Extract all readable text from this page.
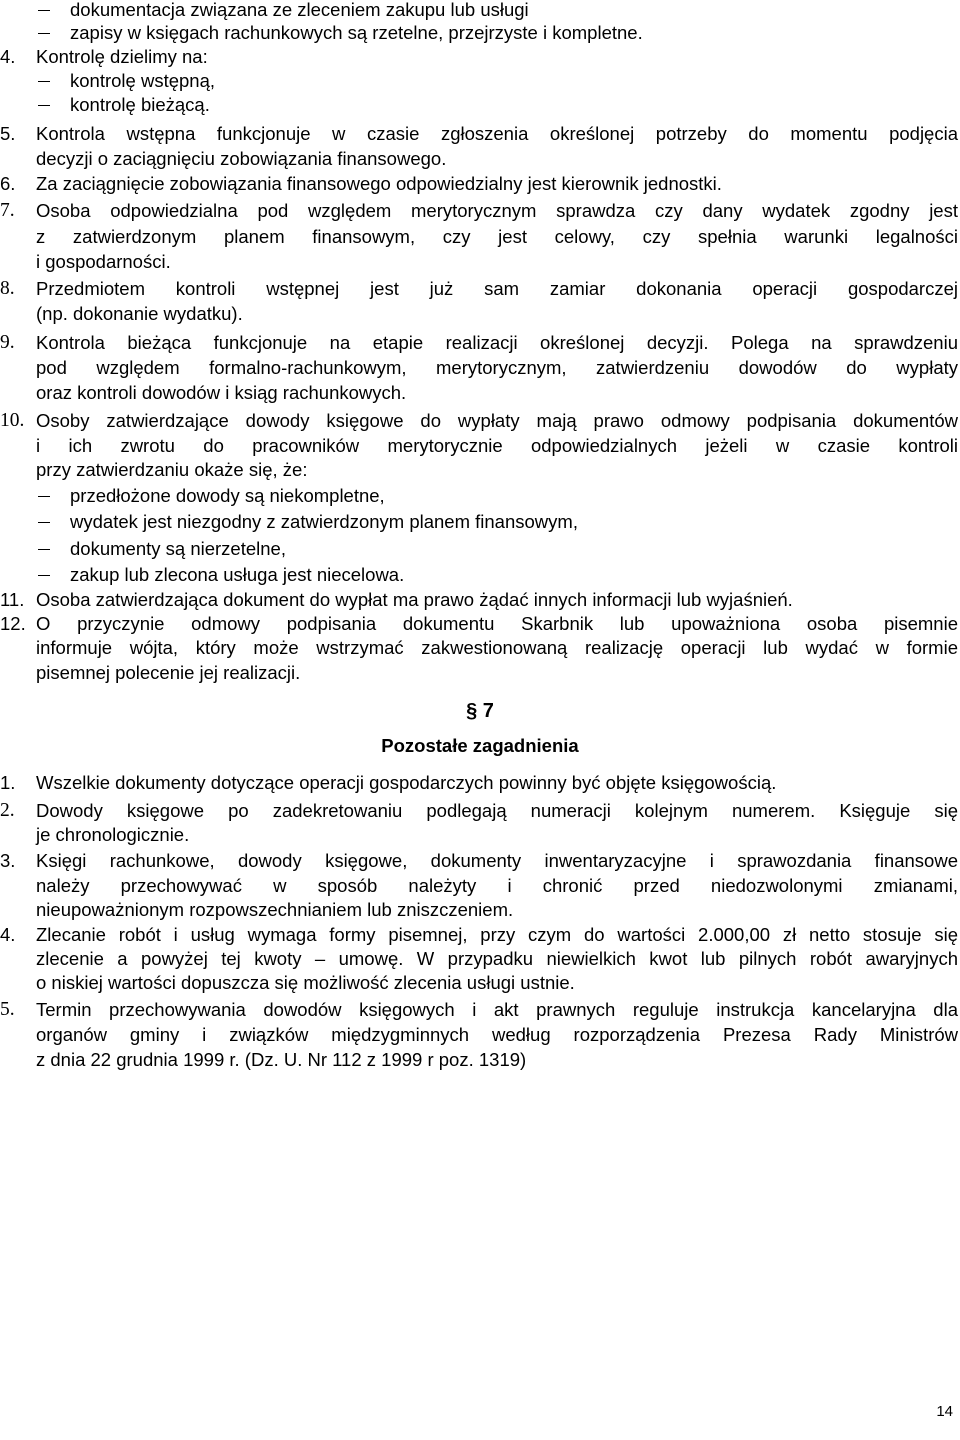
dokumentacja związana ze zleceniem zakupu lub usługi
zapisy w księgach rachunkowych są rzetelne, przejrzyste i kompletne.
4.	Kontrolę dzielimy na:
kontrolę wstępną,
kontrolę bieżącą.
5.	Kontrola wstępna funkcjonuje w czasie zgłoszenia określonej potrzeby do momentu podjęcia
decyzji o zaciągnięciu zobowiązania finansowego.
6.	Za zaciągnięcie zobowiązania finansowego odpowiedzialny jest kierownik jednostki.
7.	Osoba odpowiedzialna pod względem merytorycznym sprawdza czy dany wydatek zgodny jest
z zatwierdzonym planem finansowym, czy jest celowy, czy spełnia warunki legalności
i gospodarności.
8.	Przedmiotem kontroli wstępnej jest już sam zamiar dokonania operacji gospodarczej
(np. dokonanie wydatku).
9.	Kontrola bieżąca funkcjonuje na etapie realizacji określonej decyzji. Polega na sprawdzeniu
pod względem formalno-rachunkowym, merytorycznym, zatwierdzeniu dowodów do wypłaty
oraz kontroli dowodów i ksiąg rachunkowych.
10. Osoby zatwierdzające dowody księgowe do wypłaty mają prawo odmowy podpisania dokumentów
i ich zwrotu do pracowników merytorycznie odpowiedzialnych jeżeli w czasie kontroli
przy zatwierdzaniu okaże się, że:
przedłożone dowody są niekompletne,
wydatek jest niezgodny z zatwierdzonym planem finansowym,
dokumenty są nierzetelne,
zakup lub zlecona usługa jest niecelowa.
11. Osoba zatwierdzająca dokument do wypłat ma prawo żądać innych informacji lub wyjaśnień.
12. O przyczynie odmowy podpisania dokumentu Skarbnik lub upoważniona osoba pisemnie
informuje wójta, który może wstrzymać zakwestionowaną realizację operacji lub wydać w formie
pisemnej polecenie jej realizacji.
§ 7
Pozostałe zagadnienia
1.	Wszelkie dokumenty dotyczące operacji gospodarczych powinny być objęte księgowością.
2.	Dowody księgowe po zadekretowaniu podlegają numeracji kolejnym numerem. Księguje się
je chronologicznie.
3.	Księgi rachunkowe, dowody księgowe, dokumenty inwentaryzacyjne i sprawozdania finansowe
należy przechowywać w sposób należyty i chronić przed niedozwolonymi zmianami,
nieupoważnionym rozpowszechnianiem lub zniszczeniem.
4.	Zlecanie robót i usług wymaga formy pisemnej, przy czym do wartości 2.000,00 zł netto stosuje się
zlecenie a powyżej tej kwoty – umowę. W przypadku niewielkich kwot lub pilnych robót awaryjnych
o niskiej wartości dopuszcza się możliwość zlecenia usługi ustnie.
5.	Termin przechowywania dowodów księgowych i akt prawnych reguluje instrukcja kancelaryjna dla
organów gminy i związków międzygminnych według rozporządzenia Prezesa Rady Ministrów
z dnia 22 grudnia 1999 r. (Dz. U. Nr 112 z 1999 r poz. 1319)
14
